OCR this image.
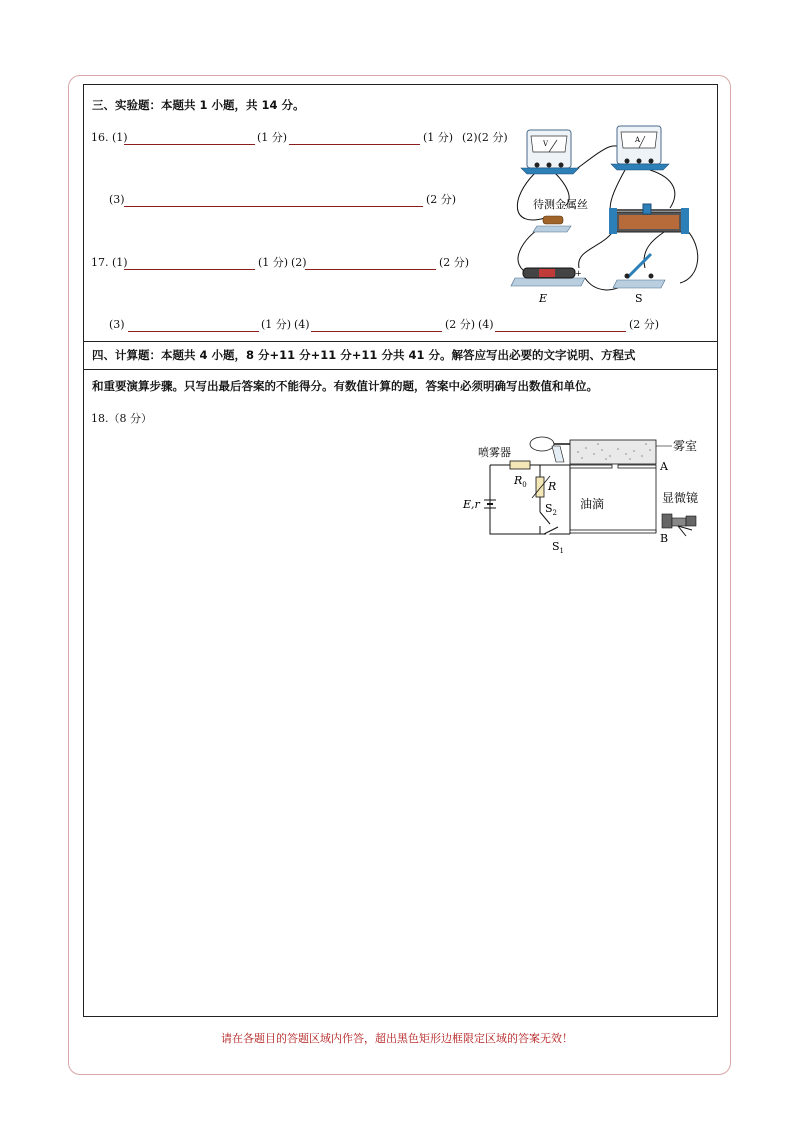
三、实验题：本题共 1 小题，共 14 分。
16. (1)	(1 分)	(1 分) (2)(2 分)
(3)	(2 分)
17. (1)	(1 分) (2)	(2 分)
(3)	(1 分) (4)	(2 分) (4)	(2 分)
V	A
待测金属丝
+
E	S
四、计算题：本题共 4 小题，8 分+11 分+11 分+11 分共 41 分。解答应写出必要的文字说明、方程式
和重要演算步骤。只写出最后答案的不能得分。有数值计算的题，答案中必须明确写出数值和单位。
18.（8 分）
$R_0$ R
$S_2$
E,r
$S_1$
喷雾器	雾室
A
油滴
B
显微镜
请在各题目的答题区域内作答，超出黑色矩形边框限定区域的答案无效！
